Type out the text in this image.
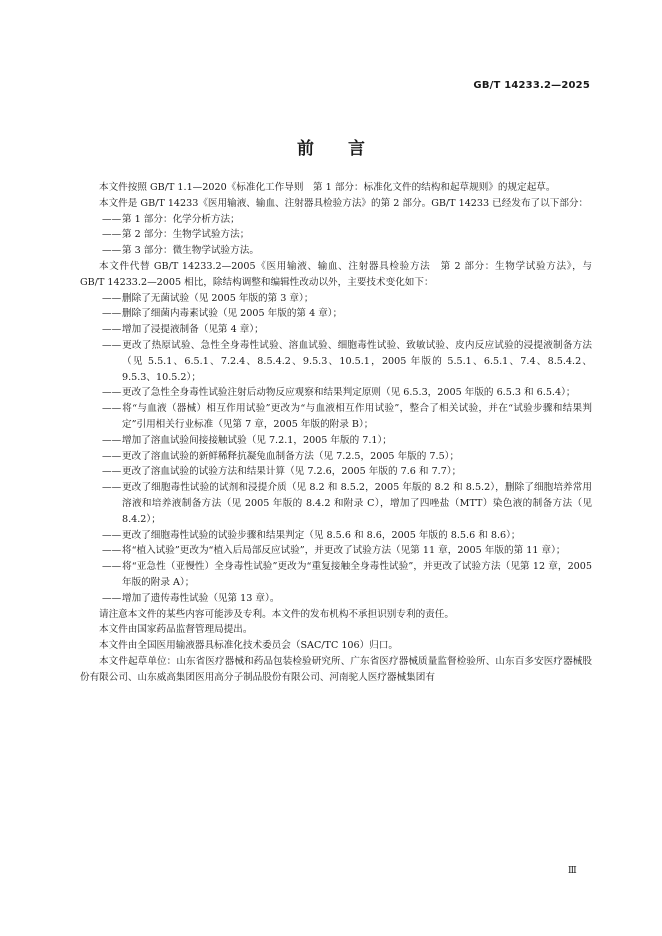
GB/T 14233.2—2025
前 言

本文件按照 GB/T 1.1—2020《标准化工作导则　第 1 部分：标准化文件的结构和起草规则》的规定起草。

本文件是 GB/T 14233《医用输液、输血、注射器具检验方法》的第 2 部分。GB/T 14233 已经发布了以下部分：

——第 1 部分：化学分析方法；

——第 2 部分：生物学试验方法；

——第 3 部分：微生物学试验方法。

本文件代替 GB/T 14233.2—2005《医用输液、输血、注射器具检验方法　第 2 部分：生物学试验方法》，与 GB/T 14233.2—2005 相比，除结构调整和编辑性改动以外，主要技术变化如下：

——删除了无菌试验（见 2005 年版的第 3 章）；

——删除了细菌内毒素试验（见 2005 年版的第 4 章）；

——增加了浸提液制备（见第 4 章）；

——更改了热原试验、急性全身毒性试验、溶血试验、细胞毒性试验、致敏试验、皮内反应试验的浸提液制备方法（见 5.5.1、6.5.1、7.2.4、8.5.4.2、9.5.3、10.5.1，2005 年版的 5.5.1、6.5.1、7.4、8.5.4.2、9.5.3、10.5.2）；

——更改了急性全身毒性试验注射后动物反应观察和结果判定原则（见 6.5.3，2005 年版的 6.5.3 和 6.5.4）；

——将“与血液（器械）相互作用试验”更改为“与血液相互作用试验”，整合了相关试验，并在“试验步骤和结果判定”引用相关行业标准（见第 7 章，2005 年版的附录 B）；

——增加了溶血试验间接接触试验（见 7.2.1，2005 年版的 7.1）；

——更改了溶血试验的新鲜稀释抗凝兔血制备方法（见 7.2.5，2005 年版的 7.5）；

——更改了溶血试验的试验方法和结果计算（见 7.2.6，2005 年版的 7.6 和 7.7）；

——更改了细胞毒性试验的试剂和浸提介质（见 8.2 和 8.5.2，2005 年版的 8.2 和 8.5.2），删除了细胞培养常用溶液和培养液制备方法（见 2005 年版的 8.4.2 和附录 C），增加了四唑盐（MTT）染色液的制备方法（见 8.4.2）；

——更改了细胞毒性试验的试验步骤和结果判定（见 8.5.6 和 8.6，2005 年版的 8.5.6 和 8.6）；

——将“植入试验”更改为“植入后局部反应试验”，并更改了试验方法（见第 11 章，2005 年版的第 11 章）；

——将“亚急性（亚慢性）全身毒性试验”更改为“重复接触全身毒性试验”，并更改了试验方法（见第 12 章，2005 年版的附录 A）；

——增加了遗传毒性试验（见第 13 章）。

请注意本文件的某些内容可能涉及专利。本文件的发布机构不承担识别专利的责任。

本文件由国家药品监督管理局提出。

本文件由全国医用输液器具标准化技术委员会（SAC/TC 106）归口。

本文件起草单位：山东省医疗器械和药品包装检验研究所、广东省医疗器械质量监督检验所、山东百多安医疗器械股份有限公司、山东威高集团医用高分子制品股份有限公司、河南驼人医疗器械集团有

Ⅲ
